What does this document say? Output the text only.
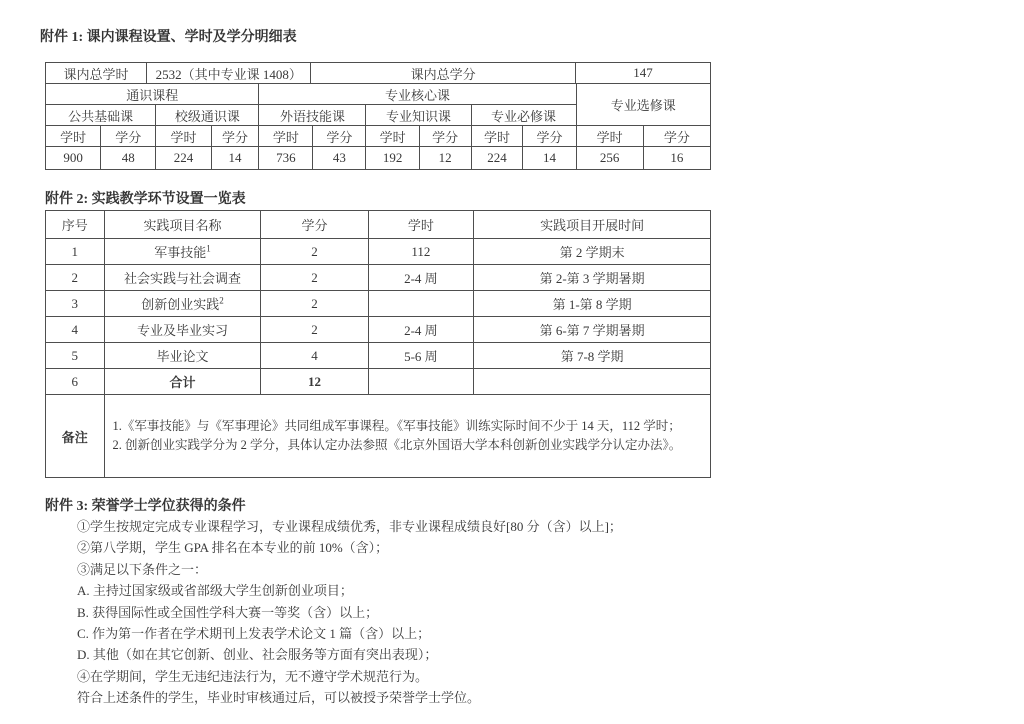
附件 1: 课内课程设置、学时及学分明细表
课内总学时	2532（其中专业课 1408）	课内总学分	147
通识课程				专业核心课						专业选修课	
公共基础课		校级通识课		外语技能课		专业知识课		专业必修课			
学时	学分	学时	学分	学时	学分	学时	学分	学时	学分	学时	学分
900	48	224	14	736	43	192	12	224	14	256	16
附件 2: 实践教学环节设置一览表
序号	实践项目名称	学分	学时	实践项目开展时间
1	军事技能$^1$	2	112	第 2 学期末
2	社会实践与社会调查	2	2-4 周	第 2-第 3 学期暑期
3	创新创业实践$^2$	2		第 1-第 8 学期
4	专业及毕业实习	2	2-4 周	第 6-第 7 学期暑期
5	毕业论文	4	5-6 周	第 7-8 学期
6	合计	12		
备注	1.《军事技能》与《军事理论》共同组成军事课程。《军事技能》训练实际时间不少于 14 天，112 学时；

2. 创新创业实践学分为 2 学分，具体认定办法参照《北京外国语大学本科创新创业实践学分认定办法》。			

附件 3: 荣誉学士学位获得的条件
①学生按规定完成专业课程学习，专业课程成绩优秀，非专业课程成绩良好[80 分（含）以上]；
②第八学期，学生 GPA 排名在本专业的前 10%（含）；
③满足以下条件之一：
A. 主持过国家级或省部级大学生创新创业项目；
B. 获得国际性或全国性学科大赛一等奖（含）以上；
C. 作为第一作者在学术期刊上发表学术论文 1 篇（含）以上；
D. 其他（如在其它创新、创业、社会服务等方面有突出表现）；
④在学期间，学生无违纪违法行为，无不遵守学术规范行为。
符合上述条件的学生，毕业时审核通过后，可以被授予荣誉学士学位。
